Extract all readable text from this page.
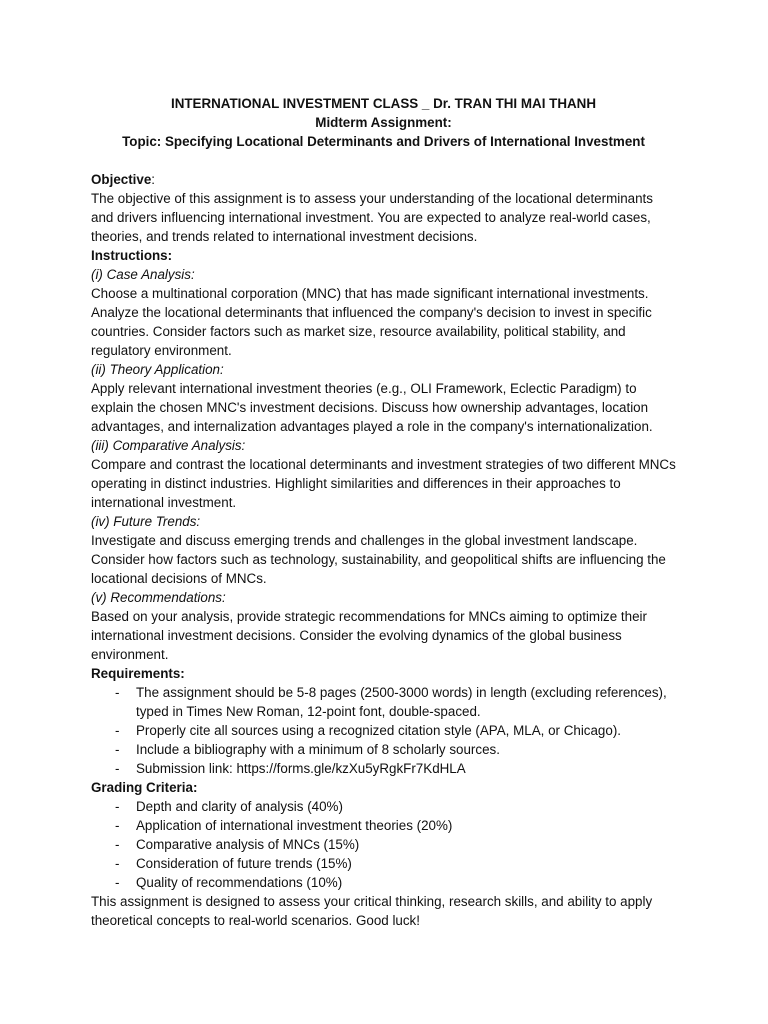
INTERNATIONAL INVESTMENT CLASS _ Dr. TRAN THI MAI THANH
Midterm Assignment:
Topic: Specifying Locational Determinants and Drivers of International Investment

Objective:

The objective of this assignment is to assess your understanding of the locational determinants and drivers influencing international investment. You are expected to analyze real-world cases, theories, and trends related to international investment decisions.

Instructions:

(i) Case Analysis:

Choose a multinational corporation (MNC) that has made significant international investments. Analyze the locational determinants that influenced the company's decision to invest in specific countries. Consider factors such as market size, resource availability, political stability, and regulatory environment.

(ii) Theory Application:

Apply relevant international investment theories (e.g., OLI Framework, Eclectic Paradigm) to explain the chosen MNC's investment decisions. Discuss how ownership advantages, location advantages, and internalization advantages played a role in the company's internationalization.

(iii) Comparative Analysis:

Compare and contrast the locational determinants and investment strategies of two different MNCs operating in distinct industries. Highlight similarities and differences in their approaches to international investment.

(iv) Future Trends:

Investigate and discuss emerging trends and challenges in the global investment landscape. Consider how factors such as technology, sustainability, and geopolitical shifts are influencing the locational decisions of MNCs.

(v) Recommendations:

Based on your analysis, provide strategic recommendations for MNCs aiming to optimize their international investment decisions. Consider the evolving dynamics of the global business environment.

Requirements:

- The assignment should be 5-8 pages (2500-3000 words) in length (excluding references), typed in Times New Roman, 12-point font, double-spaced.
- Properly cite all sources using a recognized citation style (APA, MLA, or Chicago).
- Include a bibliography with a minimum of 8 scholarly sources.
- Submission link: https://forms.gle/kzXu5yRgkFr7KdHLA

Grading Criteria:

- Depth and clarity of analysis (40%)
- Application of international investment theories (20%)
- Comparative analysis of MNCs (15%)
- Consideration of future trends (15%)
- Quality of recommendations (10%)

This assignment is designed to assess your critical thinking, research skills, and ability to apply theoretical concepts to real-world scenarios. Good luck!
